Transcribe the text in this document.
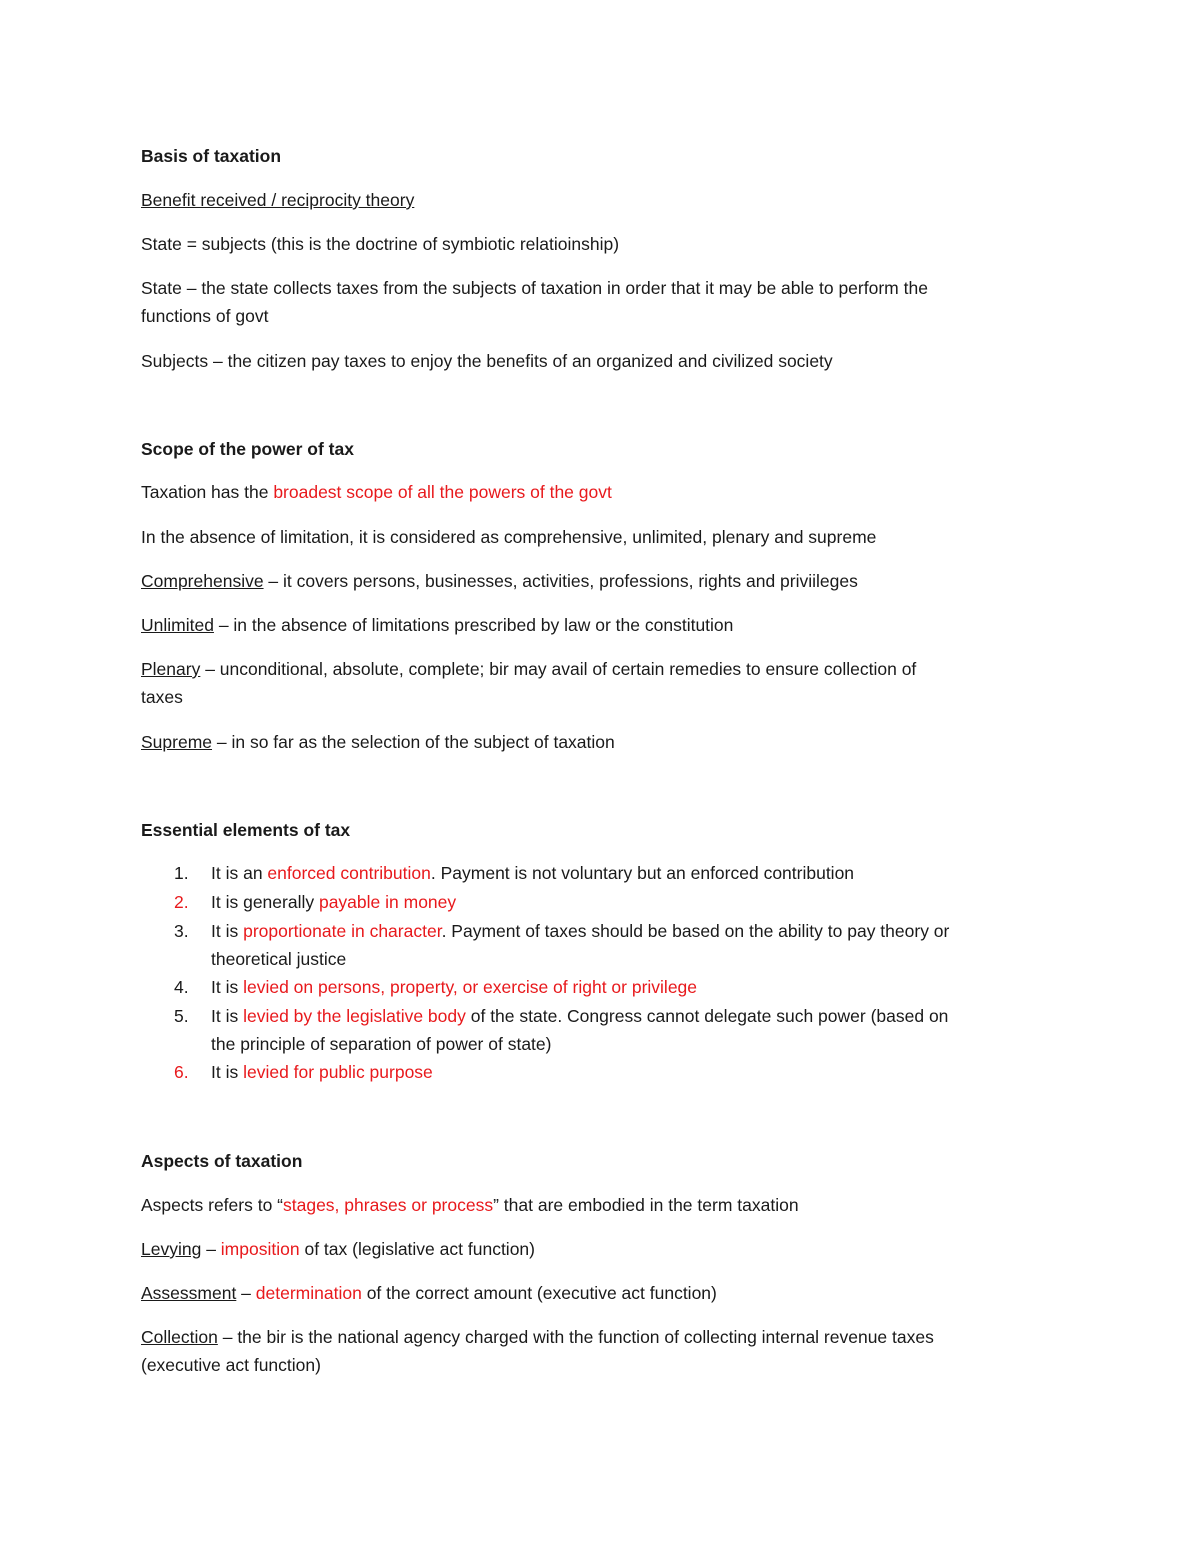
Basis of taxation
Benefit received / reciprocity theory
State = subjects (this is the doctrine of symbiotic relatioinship)
State – the state collects taxes from the subjects of taxation in order that it may be able to perform the
functions of govt
Subjects – the citizen pay taxes to enjoy the benefits of an organized and civilized society
Scope of the power of tax
Taxation has the broadest scope of all the powers of the govt
In the absence of limitation, it is considered as comprehensive, unlimited, plenary and supreme
Comprehensive – it covers persons, businesses, activities, professions, rights and priviileges
Unlimited – in the absence of limitations prescribed by law or the constitution
Plenary – unconditional, absolute, complete; bir may avail of certain remedies to ensure collection of
taxes
Supreme – in so far as the selection of the subject of taxation
Essential elements of tax
1. It is an enforced contribution. Payment is not voluntary but an enforced contribution
2. It is generally payable in money
3. It is proportionate in character. Payment of taxes should be based on the ability to pay theory or
theoretical justice
4. It is levied on persons, property, or exercise of right or privilege
5. It is levied by the legislative body of the state. Congress cannot delegate such power (based on
the principle of separation of power of state)
6. It is levied for public purpose
Aspects of taxation
Aspects refers to “stages, phrases or process” that are embodied in the term taxation
Levying – imposition of tax (legislative act function)
Assessment – determination of the correct amount (executive act function)
Collection – the bir is the national agency charged with the function of collecting internal revenue taxes
(executive act function)
